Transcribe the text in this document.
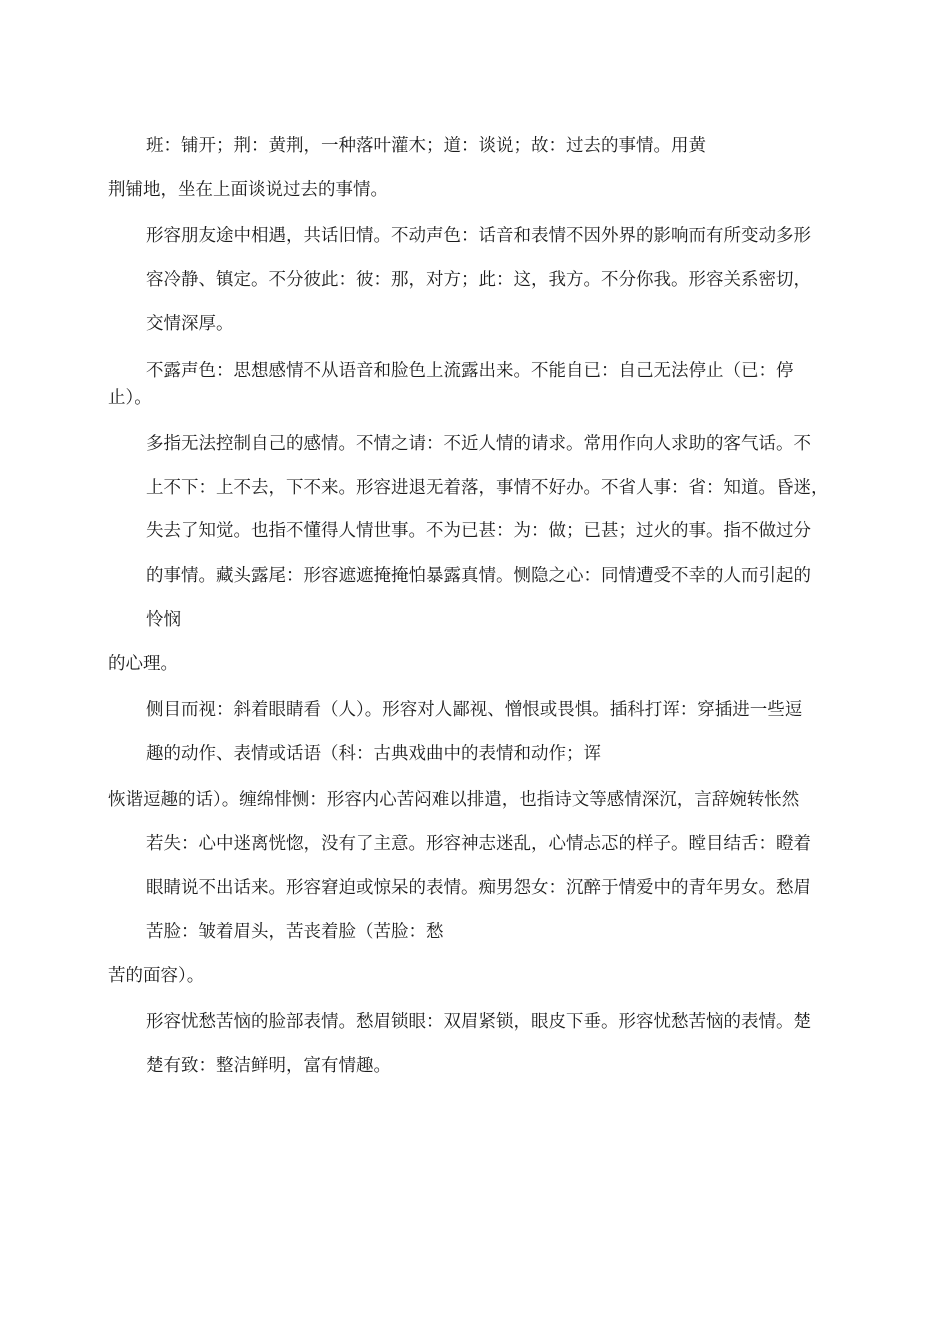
班：铺开；荆：黄荆，一种落叶灌木；道：谈说；故：过去的事情。用黄

荆铺地，坐在上面谈说过去的事情。

形容朋友途中相遇，共话旧情。不动声色：话音和表情不因外界的影响而有所变动多形

容冷静、镇定。不分彼此：彼：那，对方；此：这，我方。不分你我。形容关系密切，

交情深厚。

不露声色：思想感情不从语音和脸色上流露出来。不能自已：自己无法停止（已：停

止）。

多指无法控制自己的感情。不情之请：不近人情的请求。常用作向人求助的客气话。不

上不下：上不去，下不来。形容进退无着落，事情不好办。不省人事：省：知道。昏迷，

失去了知觉。也指不懂得人情世事。不为已甚：为：做；已甚；过火的事。指不做过分

的事情。藏头露尾：形容遮遮掩掩怕暴露真情。恻隐之心：同情遭受不幸的人而引起的

怜悯

的心理。

侧目而视：斜着眼睛看（人）。形容对人鄙视、憎恨或畏惧。插科打诨：穿插进一些逗

趣的动作、表情或话语（科：古典戏曲中的表情和动作；诨

恢谐逗趣的话）。缠绵悱恻：形容内心苦闷难以排遣，也指诗文等感情深沉，言辞婉转怅然

若失：心中迷离恍惚，没有了主意。形容神志迷乱，心情忐忑的样子。瞠目结舌：瞪着

眼睛说不出话来。形容窘迫或惊呆的表情。痴男怨女：沉醉于情爱中的青年男女。愁眉

苦脸：皱着眉头，苦丧着脸（苦脸：愁

苦的面容）。

形容忧愁苦恼的脸部表情。愁眉锁眼：双眉紧锁，眼皮下垂。形容忧愁苦恼的表情。楚

楚有致：整洁鲜明，富有情趣。
